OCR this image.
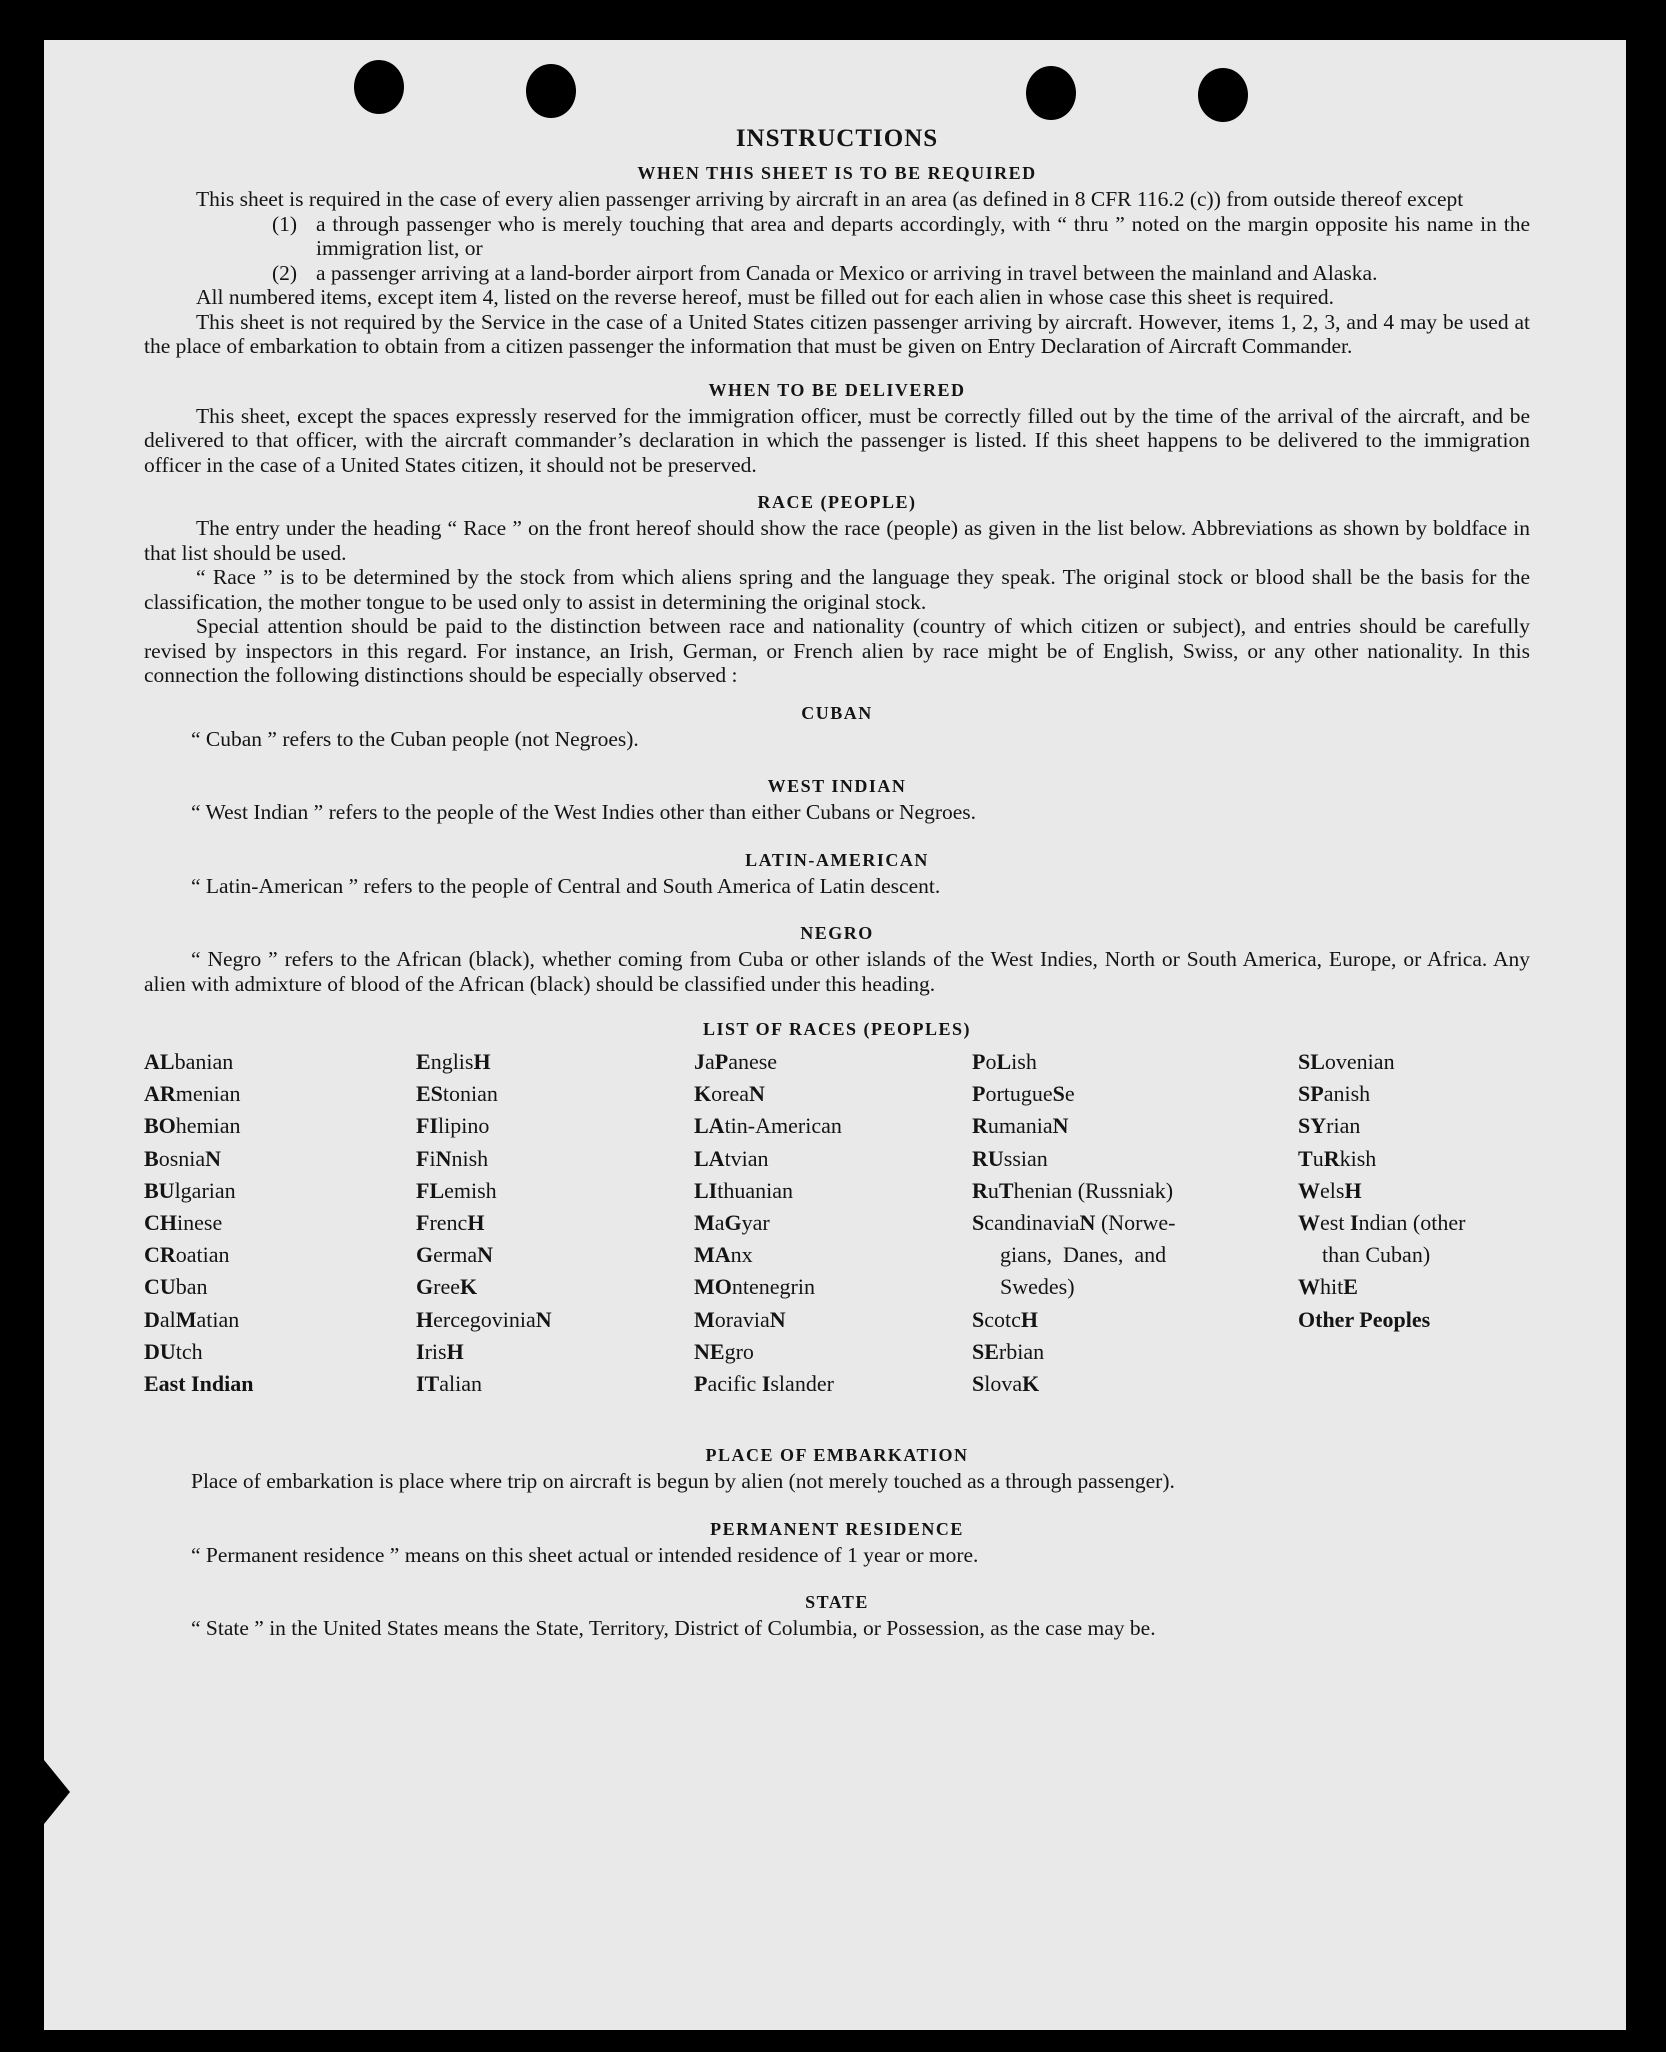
INSTRUCTIONS
WHEN THIS SHEET IS TO BE REQUIRED

This sheet is required in the case of every alien passenger arriving by aircraft in an area (as defined in 8 CFR 116.2 (c)) from outside thereof except

(1) a through passenger who is merely touching that area and departs accordingly, with “ thru ” noted on the margin opposite his name in the immigration list, or
(2) a passenger arriving at a land-border airport from Canada or Mexico or arriving in travel between the mainland and Alaska.

All numbered items, except item 4, listed on the reverse hereof, must be filled out for each alien in whose case this sheet is required.

This sheet is not required by the Service in the case of a United States citizen passenger arriving by aircraft. However, items 1, 2, 3, and 4 may be used at the place of embarkation to obtain from a citizen passenger the information that must be given on Entry Declaration of Aircraft Commander.

WHEN TO BE DELIVERED

This sheet, except the spaces expressly reserved for the immigration officer, must be correctly filled out by the time of the arrival of the aircraft, and be delivered to that officer, with the aircraft commander’s declaration in which the passenger is listed. If this sheet happens to be delivered to the immigration officer in the case of a United States citizen, it should not be preserved.

RACE (PEOPLE)

The entry under the heading “ Race ” on the front hereof should show the race (people) as given in the list below. Abbreviations as shown by boldface in that list should be used.

“ Race ” is to be determined by the stock from which aliens spring and the language they speak. The original stock or blood shall be the basis for the classification, the mother tongue to be used only to assist in determining the original stock.

Special attention should be paid to the distinction between race and nationality (country of which citizen or subject), and entries should be carefully revised by inspectors in this regard. For instance, an Irish, German, or French alien by race might be of English, Swiss, or any other nationality. In this connection the following distinctions should be especially observed :

CUBAN

“ Cuban ” refers to the Cuban people (not Negroes).

WEST INDIAN

“ West Indian ” refers to the people of the West Indies other than either Cubans or Negroes.

LATIN-AMERICAN

“ Latin-American ” refers to the people of Central and South America of Latin descent.

NEGRO

“ Negro ” refers to the African (black), whether coming from Cuba or other islands of the West Indies, North or South America, Europe, or Africa. Any alien with admixture of blood of the African (black) should be classified under this heading.

LIST OF RACES (PEOPLES)
ALbanian
ARmenian
BOhemian
BosniaN
BUlgarian
CHinese
CRoatian
CUban
DalMatian
DUtch
East Indian
EnglisH
EStonian
FIlipino
FiNnish
FLemish
FrencH
GermaN
GreeK
HercegoviniaN
IrisH
ITalian
JaPanese
KoreaN
LAtin-American
LAtvian
LIthuanian
MaGyar
MAnx
MOntenegrin
MoraviaN
NEgro
Pacific Islander
PoLish
PortugueSe
RumaniaN
RUssian
RuThenian (Russniak)
ScandinaviaN (Norwe-
gians,  Danes,  and
Swedes)
ScotcH
SErbian
SlovaK
SLovenian
SPanish
SYrian
TuRkish
WelsH
West Indian (other
than Cuban)
WhitE
Other Peoples
PLACE OF EMBARKATION

Place of embarkation is place where trip on aircraft is begun by alien (not merely touched as a through passenger).

PERMANENT RESIDENCE

“ Permanent residence ” means on this sheet actual or intended residence of 1 year or more.

STATE

“ State ” in the United States means the State, Territory, District of Columbia, or Possession, as the case may be.
